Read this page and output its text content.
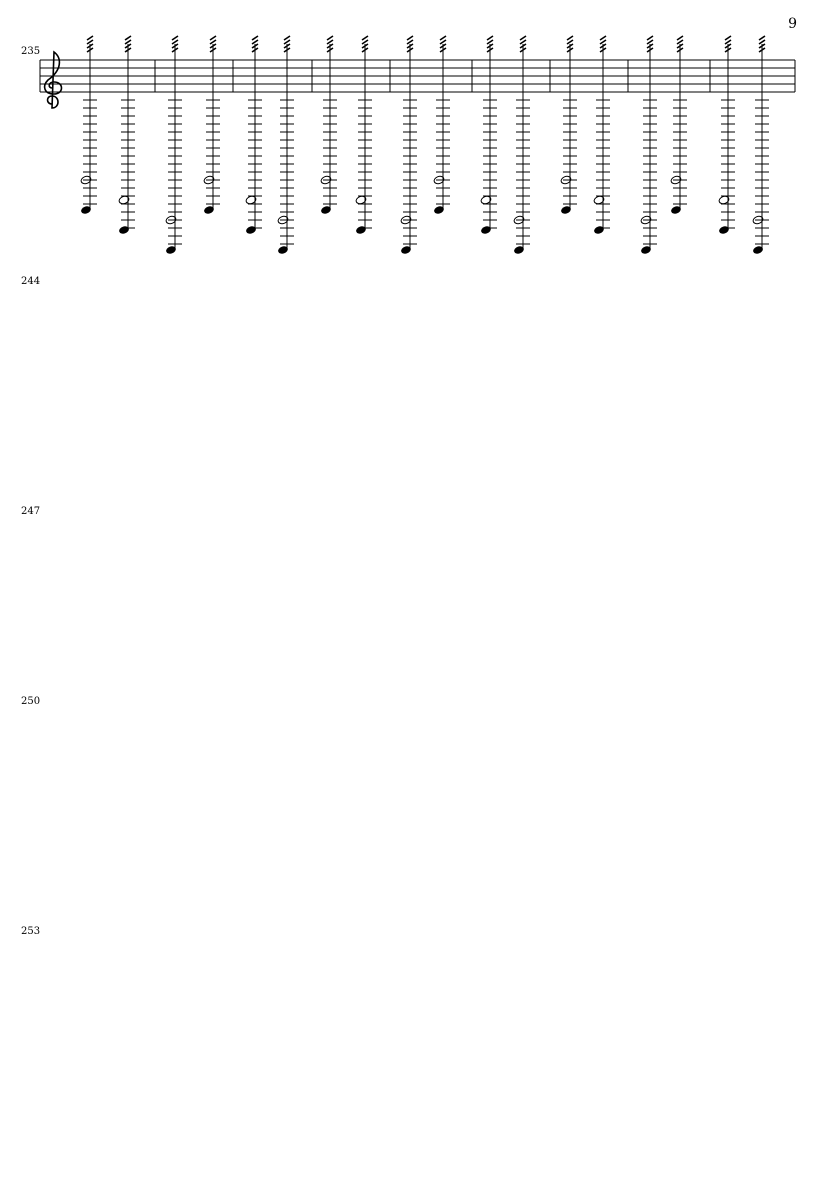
9
235
244
247
250
253
